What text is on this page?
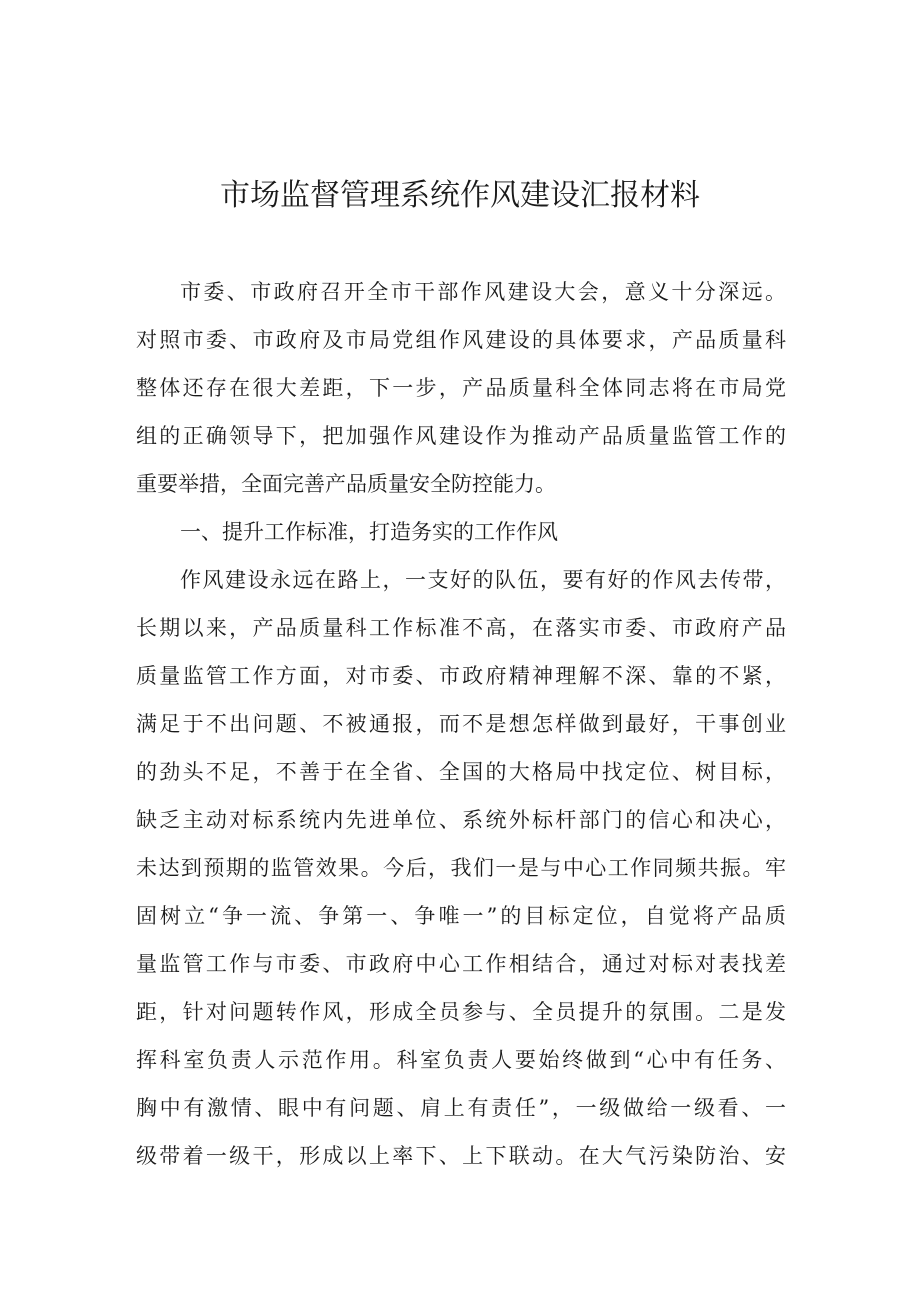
市场监督管理系统作风建设汇报材料
市委、市政府召开全市干部作风建设大会，意义十分深远。
对照市委、市政府及市局党组作风建设的具体要求，产品质量科
整体还存在很大差距，下一步，产品质量科全体同志将在市局党
组的正确领导下，把加强作风建设作为推动产品质量监管工作的
重要举措，全面完善产品质量安全防控能力。
一、提升工作标准，打造务实的工作作风
作风建设永远在路上，一支好的队伍，要有好的作风去传带，
长期以来，产品质量科工作标准不高，在落实市委、市政府产品
质量监管工作方面，对市委、市政府精神理解不深、靠的不紧，
满足于不出问题、不被通报，而不是想怎样做到最好，干事创业
的劲头不足，不善于在全省、全国的大格局中找定位、树目标，
缺乏主动对标系统内先进单位、系统外标杆部门的信心和决心，
未达到预期的监管效果。今后，我们一是与中心工作同频共振。牢
固树立“争一流、争第一、争唯一”的目标定位，自觉将产品质
量监管工作与市委、市政府中心工作相结合，通过对标对表找差
距，针对问题转作风，形成全员参与、全员提升的氛围。二是发
挥科室负责人示范作用。科室负责人要始终做到“心中有任务、
胸中有激情、眼中有问题、肩上有责任”，一级做给一级看、一
级带着一级干，形成以上率下、上下联动。在大气污染防治、安
